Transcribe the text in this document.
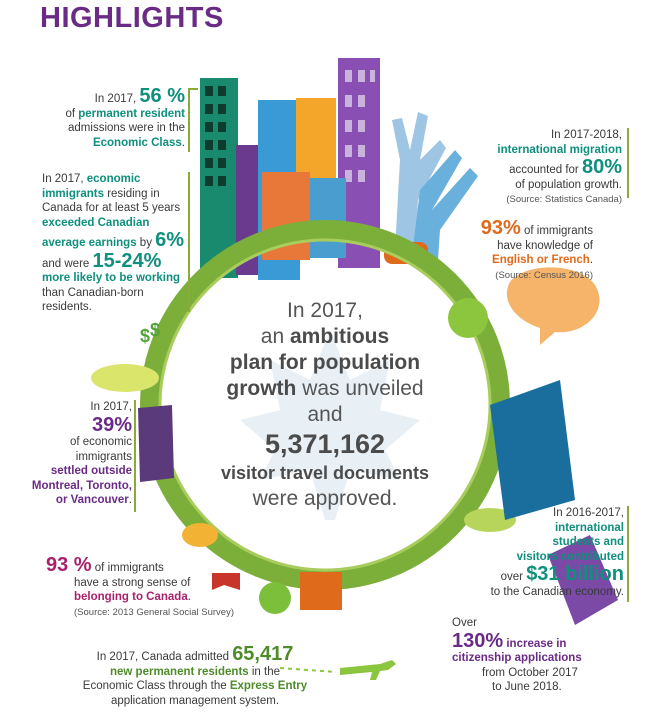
$ $
HIGHLIGHTS
In 2017, 56 %
of permanent resident
admissions were in the
Economic Class.
In 2017, economic
immigrants residing in
Canada for at least 5 years
exceeded Canadian
average earnings by 6%
and were 15-24%
more likely to be working
than Canadian-born
residents.
In 2017,
39%
of economic
immigrants
settled outside
Montreal, Toronto,
or Vancouver.
93 % of immigrants
have a strong sense of
belonging to Canada.
(Source: 2013 General Social Survey)
In 2017, Canada admitted 65,417
new permanent residents in the
Economic Class through the Express Entry
application management system.
In 2017-2018,
international migration
accounted for 80%
of population growth.
(Source: Statistics Canada)
93% of immigrants
have knowledge of
English or French.
(Source: Census 2016)
In 2016-2017,
international
students and
visitors contributed
over $31 billion
to the Canadian economy.
Over
130% increase in
citizenship applications
from October 2017
to June 2018.
In 2017,
an ambitious
plan for population
growth was unveiled
and
5,371,162
visitor travel documents
were approved.
